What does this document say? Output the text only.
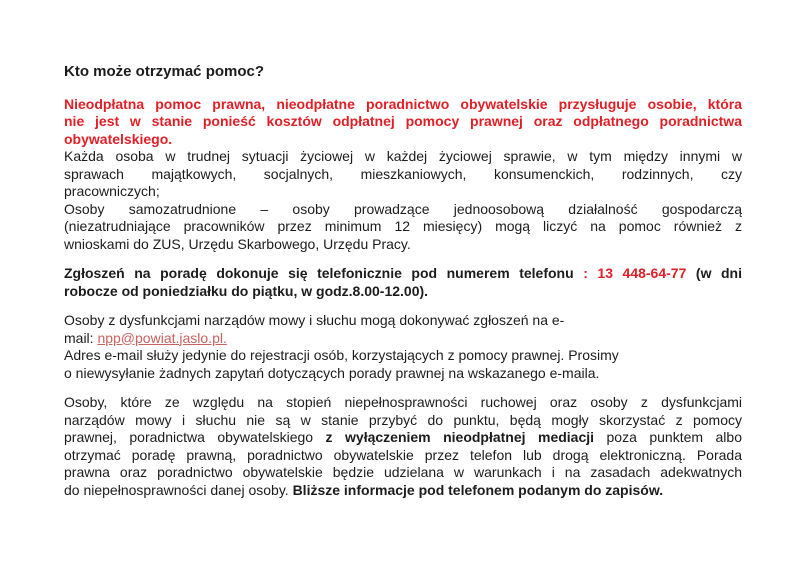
Kto może otrzymać pomoc?
Nieodpłatna pomoc prawna, nieodpłatne poradnictwo obywatelskie przysługuje osobie, która
nie jest w stanie ponieść kosztów odpłatnej pomocy prawnej oraz odpłatnego poradnictwa
obywatelskiego.
Każda osoba w trudnej sytuacji życiowej w każdej życiowej sprawie, w tym między innymi w
sprawach majątkowych, socjalnych, mieszkaniowych, konsumenckich, rodzinnych, czy
pracowniczych;
Osoby samozatrudnione – osoby prowadzące jednoosobową działalność gospodarczą
(niezatrudniające pracowników przez minimum 12 miesięcy) mogą liczyć na pomoc również z
wnioskami do ZUS, Urzędu Skarbowego, Urzędu Pracy.
Zgłoszeń na poradę dokonuje się telefonicznie pod numerem telefonu : 13 448-64-77 (w dni
robocze od poniedziałku do piątku, w godz.8.00-12.00).
Osoby z dysfunkcjami narządów mowy i słuchu mogą dokonywać zgłoszeń na e-
mail: npp@powiat.jaslo.pl.
Adres e-mail służy jedynie do rejestracji osób, korzystających z pomocy prawnej. Prosimy
o niewysyłanie żadnych zapytań dotyczących porady prawnej na wskazanego e-maila.
Osoby, które ze względu na stopień niepełnosprawności ruchowej oraz osoby z dysfunkcjami
narządów mowy i słuchu nie są w stanie przybyć do punktu, będą mogły skorzystać z pomocy
prawnej, poradnictwa obywatelskiego z wyłączeniem nieodpłatnej mediacji poza punktem albo
otrzymać poradę prawną, poradnictwo obywatelskie przez telefon lub drogą elektroniczną. Porada
prawna oraz poradnictwo obywatelskie będzie udzielana w warunkach i na zasadach adekwatnych
do niepełnosprawności danej osoby. Bliższe informacje pod telefonem podanym do zapisów.
